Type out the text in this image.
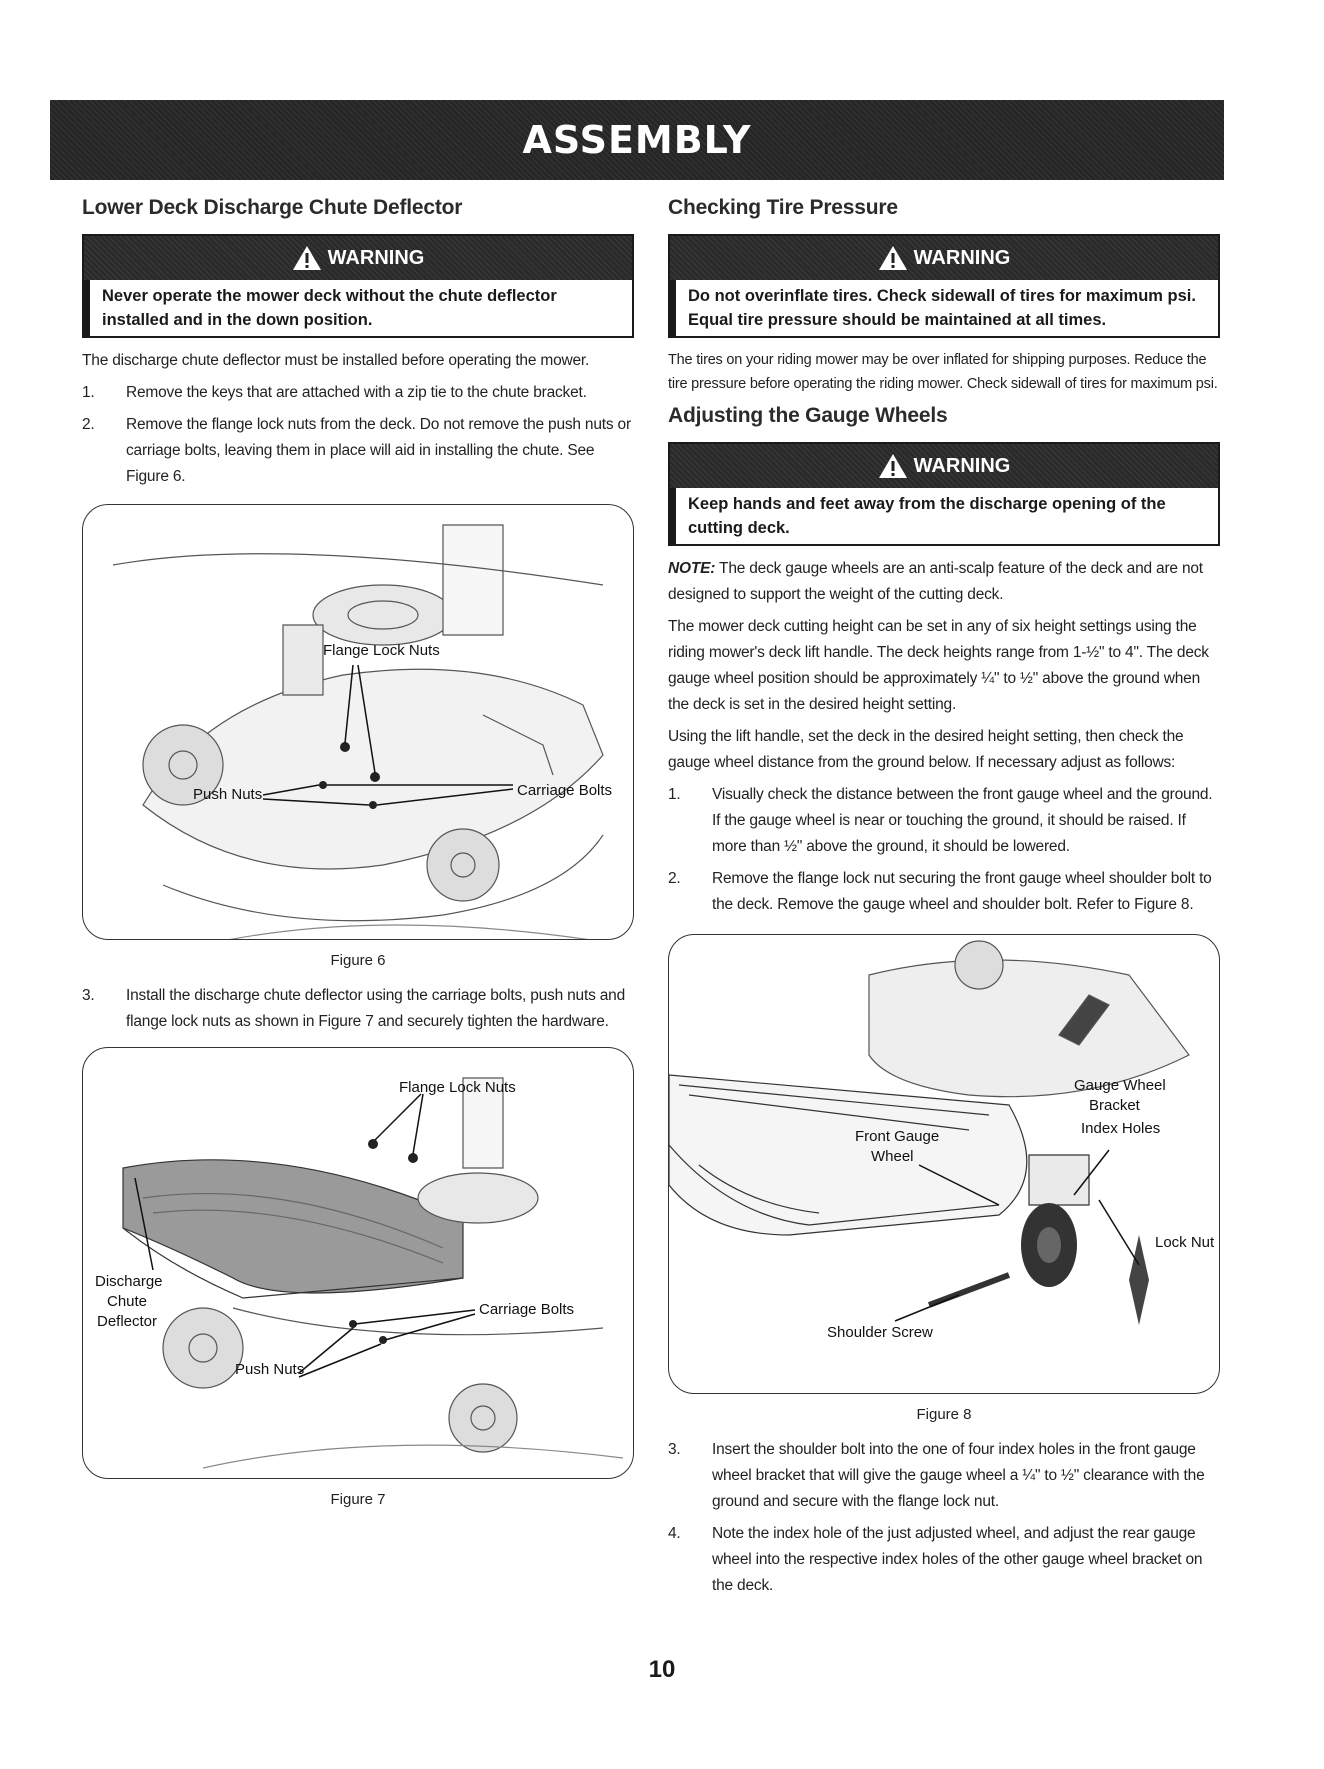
ASSEMBLY
Lower Deck Discharge Chute Deflector
WARNING
Never operate the mower deck without the chute deflector installed and in the down position.

The discharge chute deflector must be installed before operating the mower.

1.	Remove the keys that are attached with a zip tie to the chute bracket.
2.	Remove the flange lock nuts from the deck. Do not remove the push nuts or carriage bolts, leaving them in place will aid in installing the chute. See Figure 6.
Flange Lock Nuts
Push Nuts	Carriage Bolts
Figure 6
3.	Install the discharge chute deflector using the carriage bolts, push nuts and flange lock nuts as shown in Figure 7 and securely tighten the hardware.
Flange Lock Nuts
Discharge
Chute
Deflector
Carriage Bolts
Push Nuts
Figure 7
Checking Tire Pressure
WARNING
Do not overinflate tires. Check sidewall of tires for maximum psi. Equal tire pressure should be maintained at all times.

The tires on your riding mower may be over inflated for shipping purposes. Reduce the tire pressure before operating the riding mower. Check sidewall of tires for maximum psi.

Adjusting the Gauge Wheels
WARNING
Keep hands and feet away from the discharge opening of the cutting deck.

NOTE: The deck gauge wheels are an anti-scalp feature of the deck and are not designed to support the weight of the cutting deck.

The mower deck cutting height can be set in any of six height settings using the riding mower's deck lift handle. The deck heights range from 1-½" to 4". The deck gauge wheel position should be approximately ¼" to ½" above the ground when the deck is set in the desired height setting.

Using the lift handle, set the deck in the desired height setting, then check the gauge wheel distance from the ground below. If necessary adjust as follows:

1.	Visually check the distance between the front gauge wheel and the ground. If the gauge wheel is near or touching the ground, it should be raised. If more than ½" above the ground, it should be lowered.
2.	Remove the flange lock nut securing the front gauge wheel shoulder bolt to the deck. Remove the gauge wheel and shoulder bolt. Refer to Figure 8.
Gauge Wheel
Bracket
Index Holes
Front Gauge
Wheel
Lock Nut
Shoulder Screw
Figure 8
3.	Insert the shoulder bolt into the one of four index holes in the front gauge wheel bracket that will give the gauge wheel a ¼" to ½" clearance with the ground and secure with the flange lock nut.
4.	Note the index hole of the just adjusted wheel, and adjust the rear gauge wheel into the respective index holes of the other gauge wheel bracket on the deck.
10
